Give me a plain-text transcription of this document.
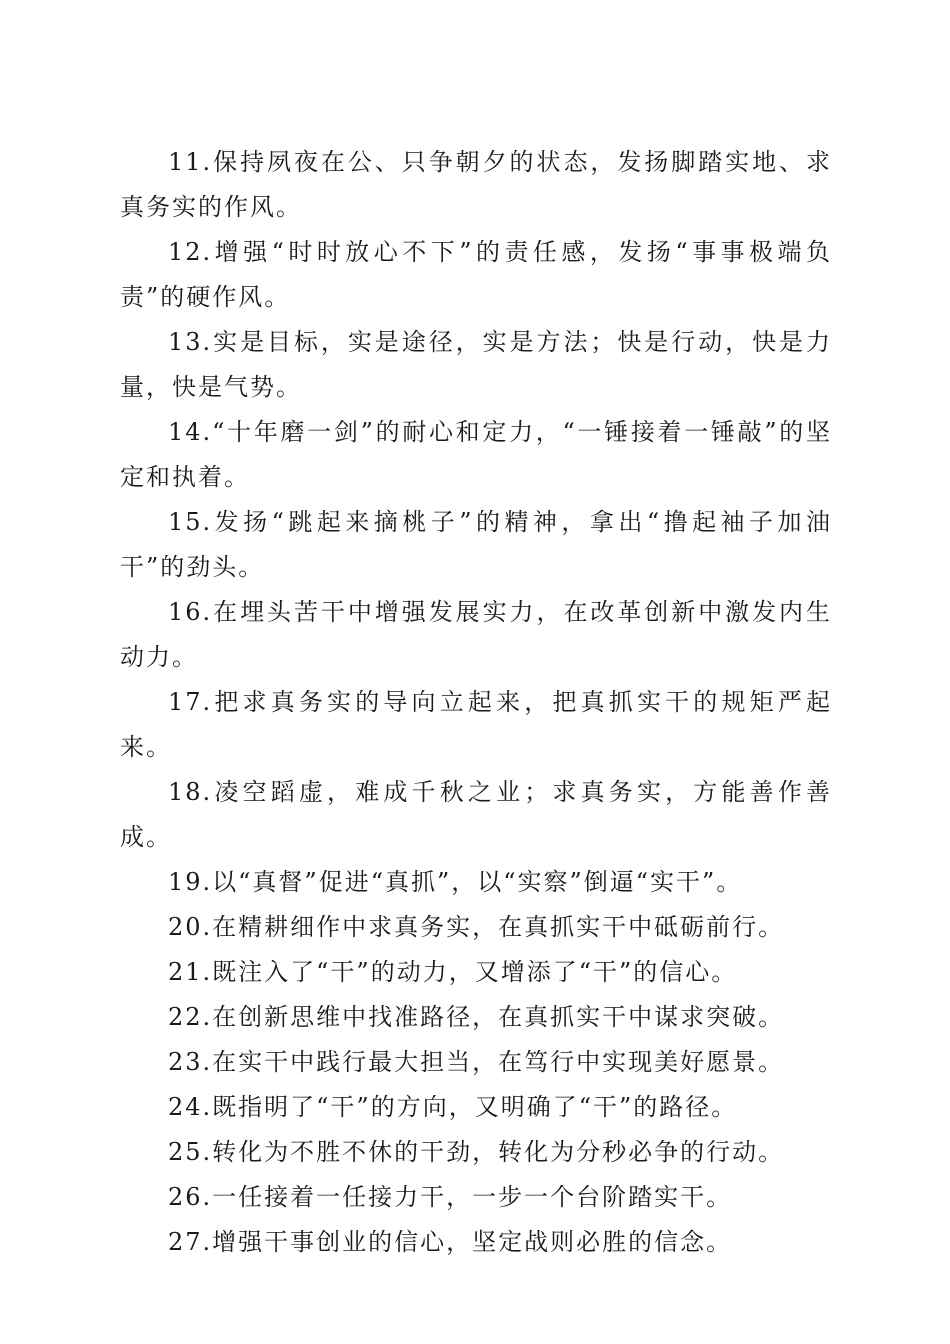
11.保持夙夜在公、只争朝夕的状态，发扬脚踏实地、求真务实的作风。

12.增强“时时放心不下”的责任感，发扬“事事极端负责”的硬作风。

13.实是目标，实是途径，实是方法；快是行动，快是力量，快是气势。

14.“十年磨一剑”的耐心和定力，“一锤接着一锤敲”的坚定和执着。

15.发扬“跳起来摘桃子”的精神，拿出“撸起袖子加油干”的劲头。

16.在埋头苦干中增强发展实力，在改革创新中激发内生动力。

17.把求真务实的导向立起来，把真抓实干的规矩严起来。

18.凌空蹈虚，难成千秋之业；求真务实，方能善作善成。

19.以“真督”促进“真抓”，以“实察”倒逼“实干”。

20.在精耕细作中求真务实，在真抓实干中砥砺前行。

21.既注入了“干”的动力，又增添了“干”的信心。

22.在创新思维中找准路径，在真抓实干中谋求突破。

23.在实干中践行最大担当，在笃行中实现美好愿景。

24.既指明了“干”的方向，又明确了“干”的路径。

25.转化为不胜不休的干劲，转化为分秒必争的行动。

26.一任接着一任接力干，一步一个台阶踏实干。

27.增强干事创业的信心，坚定战则必胜的信念。
